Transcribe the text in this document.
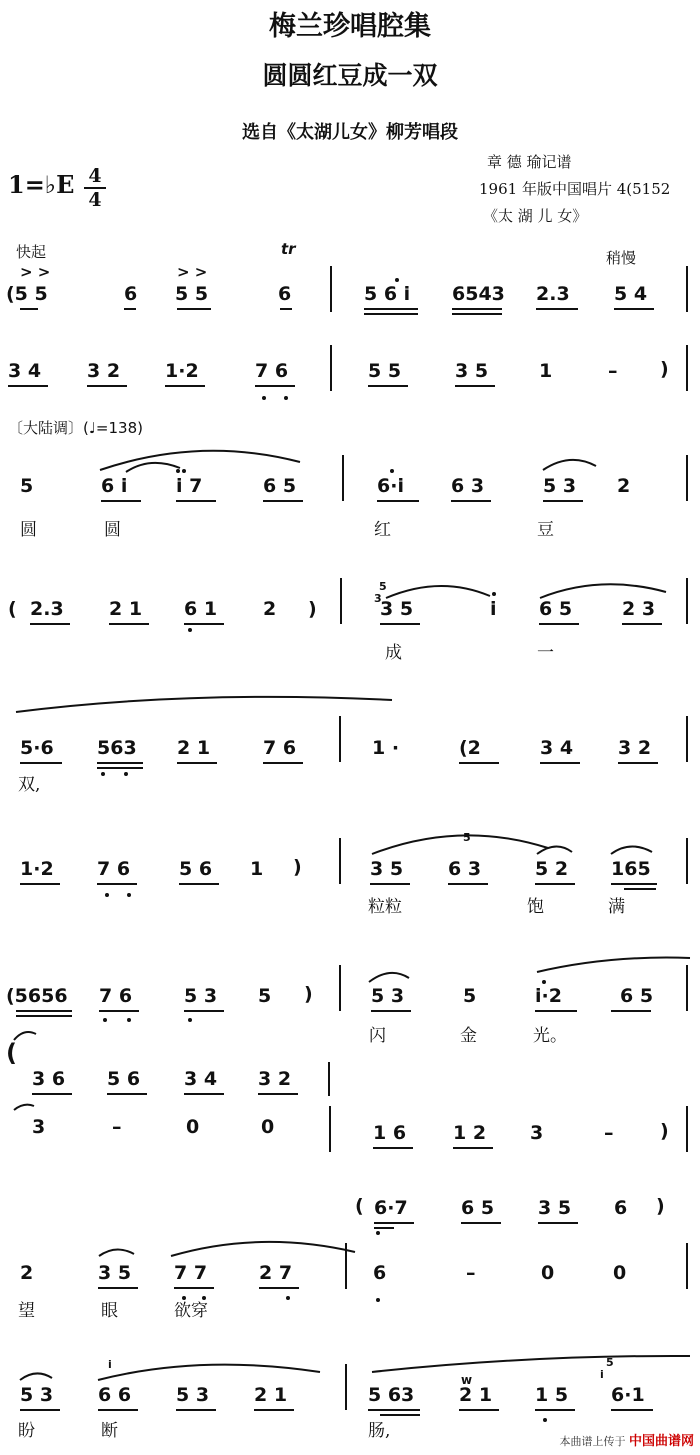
梅兰珍唱腔集
圆圆红豆成一双
选自《太湖儿女》柳芳唱段
1=♭E 4
4
章 德 瑜记谱
1961 年版中国唱片 4(5152
《太 湖 儿 女》
快起	tr	稍慢
> >	> >
〔大陆调〕(♩=138)
w
(5 5	6 5 5	6	5 6 i 6543 2.3 5 4
3 4 3 2 1·2	7 6	5 5	3 5	1	– )
5	6 i	i 7	6 5	6·i 6 3	5 3 2
圆	圆	红	豆
( 2.3 2 1 6 1 2 )	3 5	i 6 5	2 3
成	一
5·6 563 2 1	7 6	1 ·	(2	3 4 3 2
双,
1·2 7 6	5 6 1 )	3 5 6 3	5 2 165
粒粒	饱	满
(5656 7 6	5 3 5 )	5 3	5	i·2	6 5
闪	金	光。
(
3 6 5 6 3 4 3 2
3	–	0	0	1 6 1 2 3	– )
( 6·7	6 5 3 5 6 )
2	3 5 7 7	2 7	6	–	0	0
望	眼	欲穿
5 3 6 6 5 3 2 1	5 63 2 1 1 5 6·1
盼	断	肠,
5
5
i	5
i
3
本曲谱上传于 中国曲谱网
